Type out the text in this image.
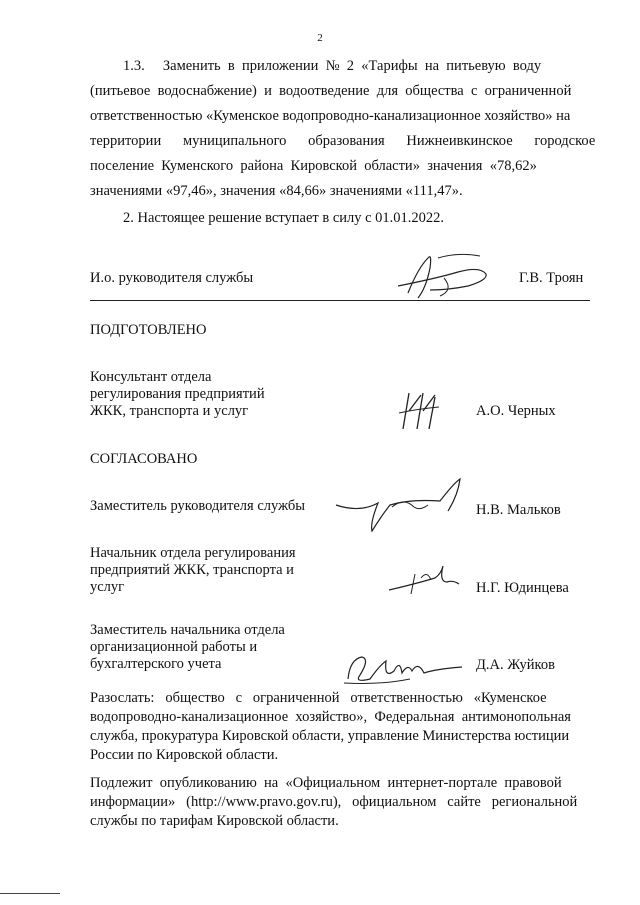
2
1.3.     Заменить  в  приложении  №  2  «Тарифы  на  питьевую  воду
(питьевое  водоснабжение)  и  водоотведение  для  общества  с  ограниченной
ответственностью «Куменское водопроводно-канализационное хозяйство» на
территории      муниципального      образования      Нижнеивкинское      городское
поселение  Куменского  района  Кировской  области»  значения  «78,62»
значениями «97,46», значения «84,66» значениями «111,47».
2. Настоящее решение вступает в силу с 01.01.2022.
И.о. руководителя службы	Г.В. Троян
ПОДГОТОВЛЕНО
Консультант отдела
регулирования предприятий
ЖКК, транспорта и услуг	А.О. Черных
СОГЛАСОВАНО
Заместитель руководителя службы	Н.В. Мальков
Начальник отдела регулирования
предприятий ЖКК, транспорта и
услуг	Н.Г. Юдинцева
Заместитель начальника отдела
организационной работы и
бухгалтерского учета	Д.А. Жуйков
Разослать:   общество   с   ограниченной   ответственностью   «Куменское
водопроводно-канализационное  хозяйство»,  Федеральная  антимонопольная
служба, прокуратура Кировской области, управление Министерства юстиции
России по Кировской области.
Подлежит  опубликованию  на  «Официальном  интернет-портале  правовой
информации»   (http://www.pravo.gov.ru),   официальном   сайте   региональной
службы по тарифам Кировской области.
